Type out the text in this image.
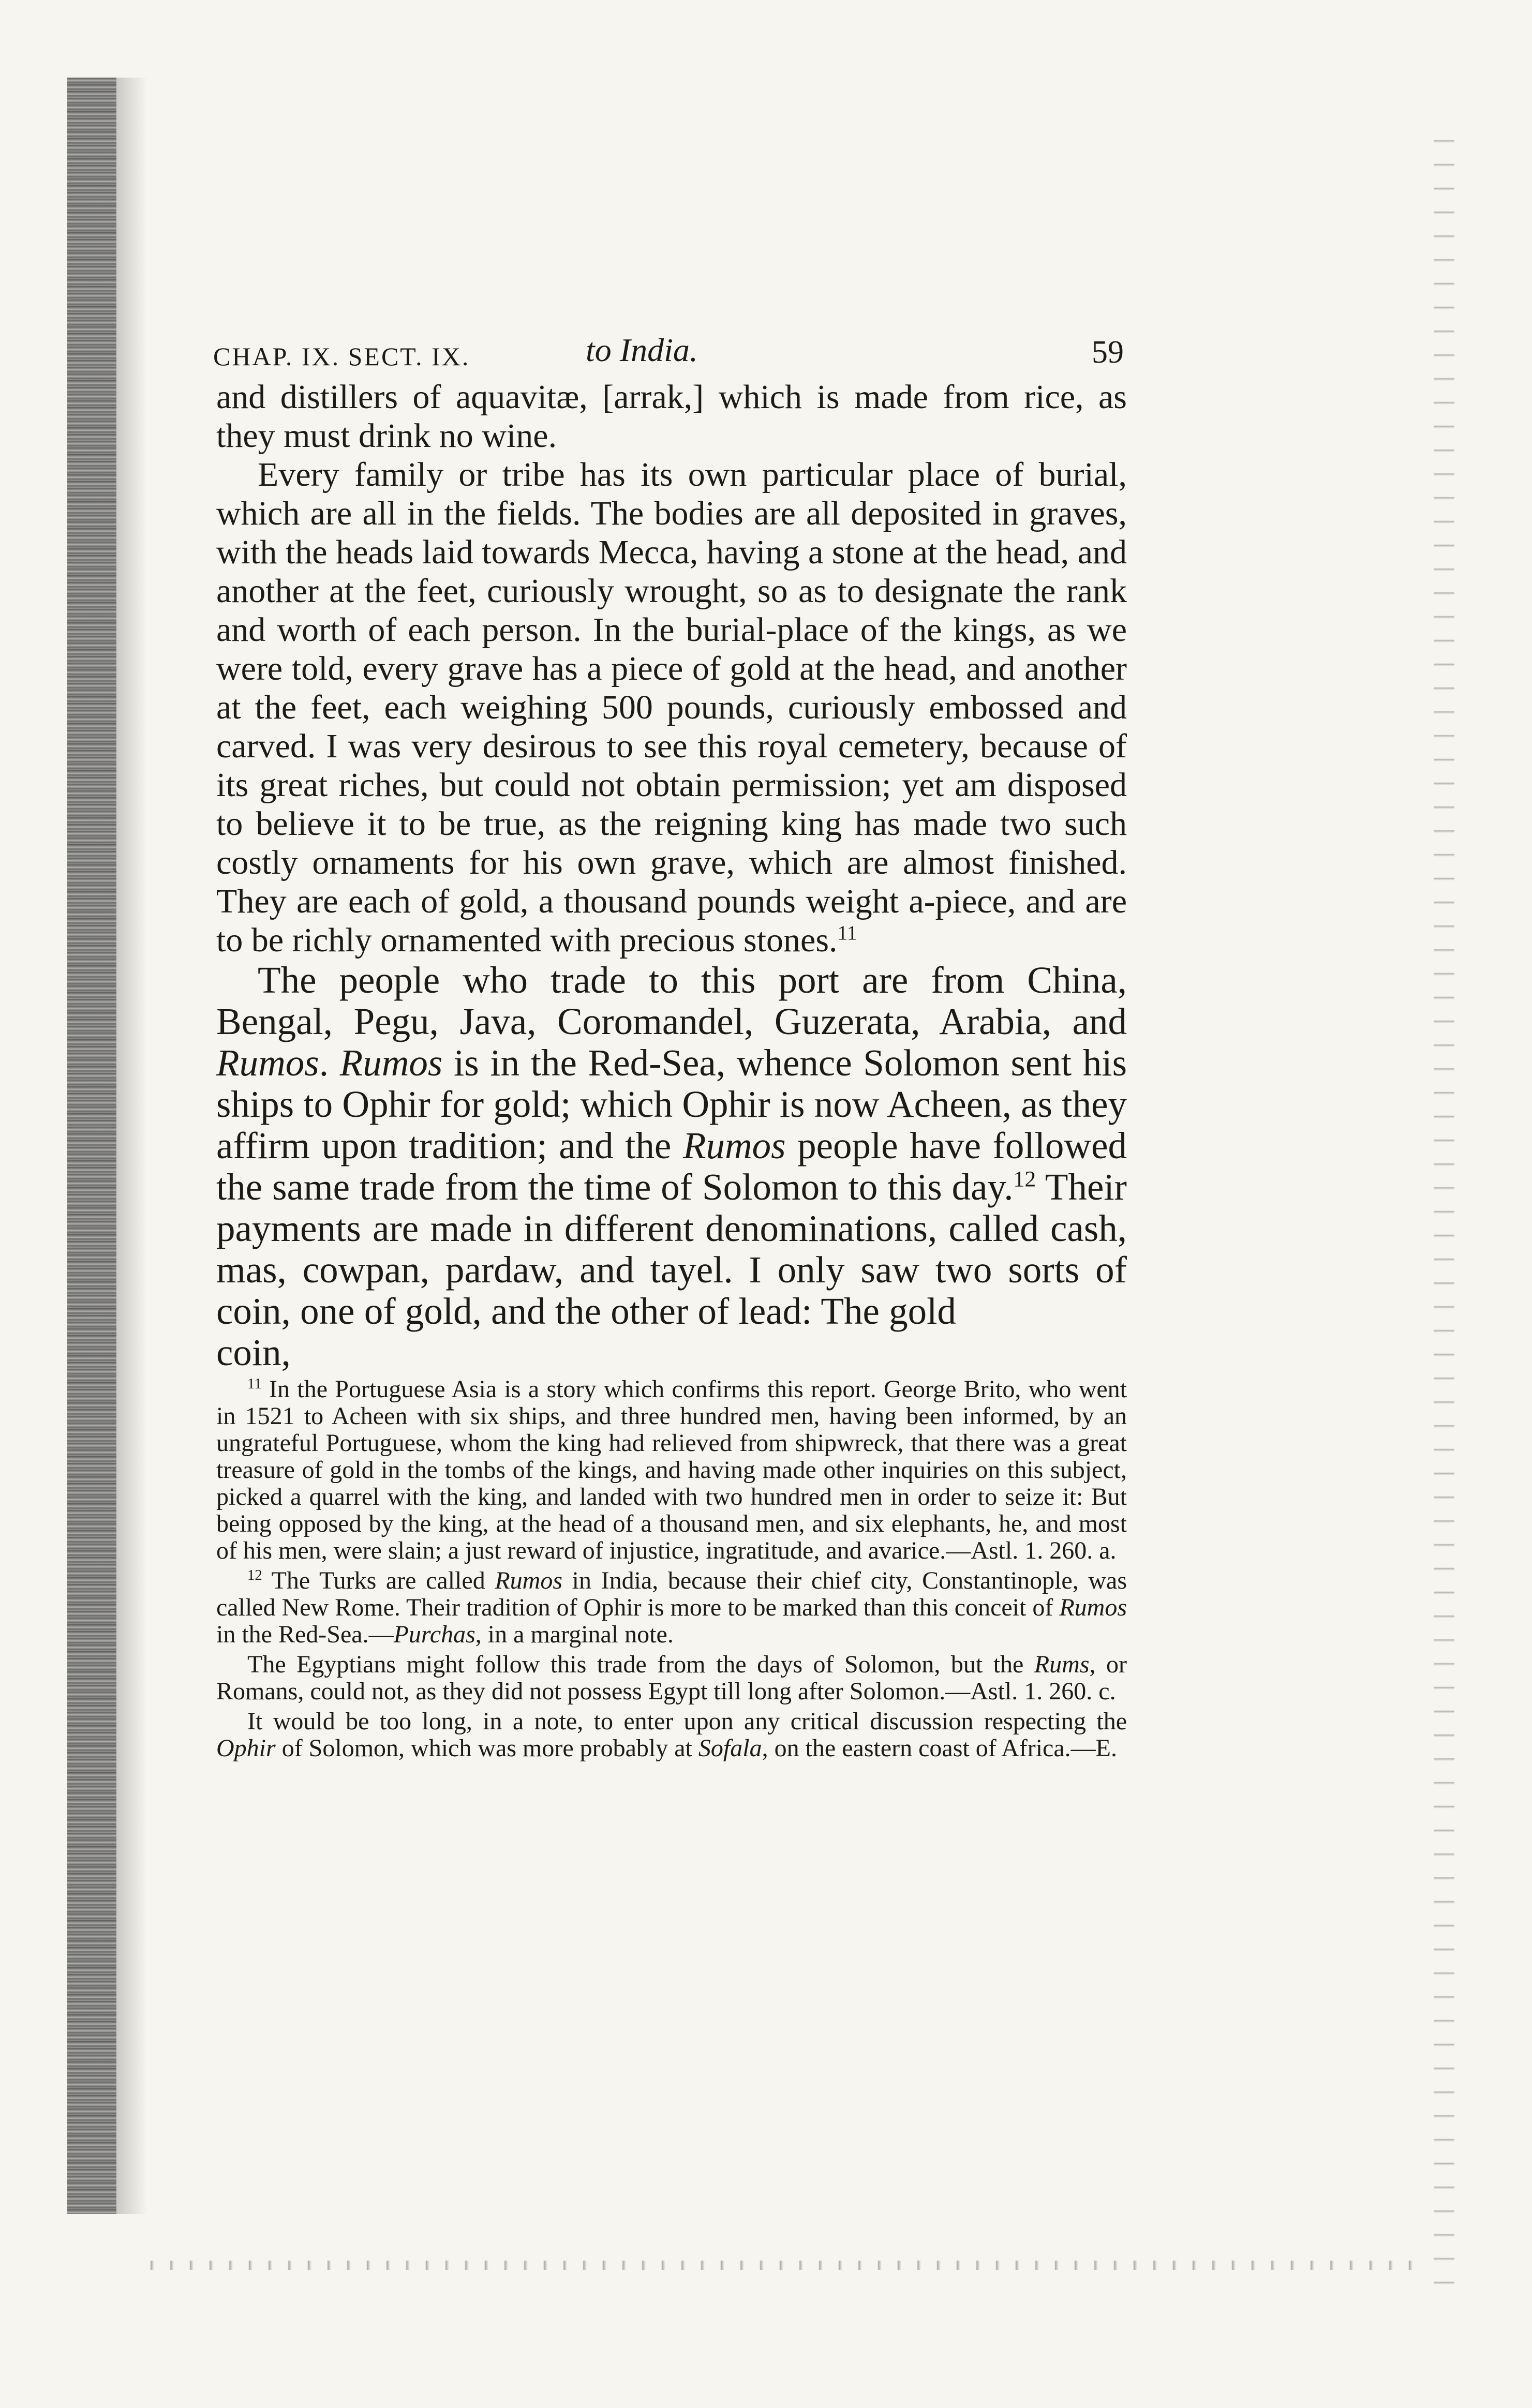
CHAP. IX. SECT. IX.	to India.	59

and distillers of aquavitæ, [arrak,] which is made from rice, as they must drink no wine.

Every family or tribe has its own particular place of burial, which are all in the fields. The bodies are all deposited in graves, with the heads laid towards Mecca, having a stone at the head, and another at the feet, curiously wrought, so as to designate the rank and worth of each person. In the burial-place of the kings, as we were told, every grave has a piece of gold at the head, and another at the feet, each weighing 500 pounds, curiously embossed and carved. I was very desirous to see this royal cemetery, because of its great riches, but could not obtain permission; yet am disposed to believe it to be true, as the reigning king has made two such costly ornaments for his own grave, which are almost finished. They are each of gold, a thousand pounds weight a-piece, and are to be richly ornamented with precious stones.$^{11}$

The people who trade to this port are from China, Bengal, Pegu, Java, Coromandel, Guzerata, Arabia, and Rumos. Rumos is in the Red-Sea, whence Solomon sent his ships to Ophir for gold; which Ophir is now Acheen, as they affirm upon tradition; and the Rumos people have followed the same trade from the time of Solomon to this day.$^{12}$ Their payments are made in different denominations, called cash, mas, cowpan, pardaw, and tayel. I only saw two sorts of coin, one of gold, and the other of lead: The gold

coin,

$^{11}$ In the Portuguese Asia is a story which confirms this report. George Brito, who went in 1521 to Acheen with six ships, and three hundred men, having been informed, by an ungrateful Portuguese, whom the king had relieved from shipwreck, that there was a great treasure of gold in the tombs of the kings, and having made other inquiries on this subject, picked a quarrel with the king, and landed with two hundred men in order to seize it: But being opposed by the king, at the head of a thousand men, and six elephants, he, and most of his men, were slain; a just reward of injustice, ingratitude, and avarice.—Astl. 1. 260. a.

$^{12}$ The Turks are called Rumos in India, because their chief city, Constantinople, was called New Rome. Their tradition of Ophir is more to be marked than this conceit of Rumos in the Red-Sea.—Purchas, in a marginal note.

The Egyptians might follow this trade from the days of Solomon, but the Rums, or Romans, could not, as they did not possess Egypt till long after Solomon.—Astl. 1. 260. c.

It would be too long, in a note, to enter upon any critical discussion respecting the Ophir of Solomon, which was more probably at Sofala, on the eastern coast of Africa.—E.
